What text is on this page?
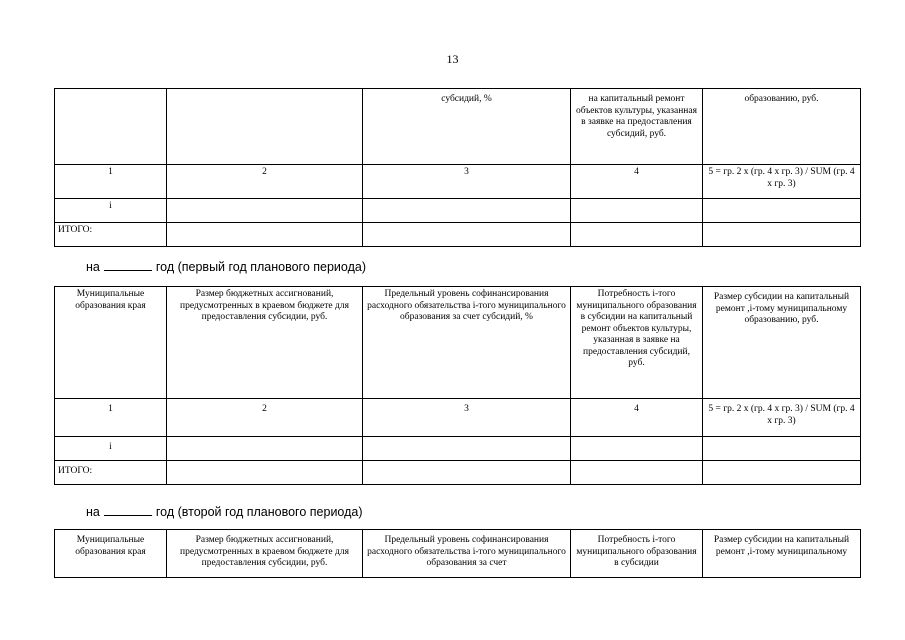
13
		субсидий, %	на капитальный ремонт объектов культуры, указанная в заявке на предоставления субсидий, руб.	образованию, руб.
1	2	3	4	5 = гр. 2 х (гр. 4 х гр. 3) / SUM (гр. 4 х гр. 3)
i				
ИТОГО:				
на	год (первый год планового периода)
Муниципальные образования края	Размер бюджетных ассигнований, предусмотренных в краевом бюджете для предоставления субсидии, руб.	Предельный уровень софинансирования расходного обязательства i-того муниципального образования за счет субсидий, %	Потребность i-того муниципального образования в субсидии на капитальный ремонт объектов культуры, указанная в заявке на предоставления субсидий, руб.	Размер субсидии на капитальный ремонт ,i-тому муниципальному образованию, руб.
1	2	3	4	5 = гр. 2 х (гр. 4 х гр. 3) / SUM (гр. 4 х гр. 3)
i				
ИТОГО:				
на	год (второй год планового периода)
Муниципальные образования края	Размер бюджетных ассигнований, предусмотренных в краевом бюджете для предоставления субсидии, руб.	Предельный уровень софинансирования расходного обязательства i-того муниципального образования за счет	Потребность i-того муниципального образования в субсидии	Размер субсидии на капитальный ремонт ,i-тому муниципальному
